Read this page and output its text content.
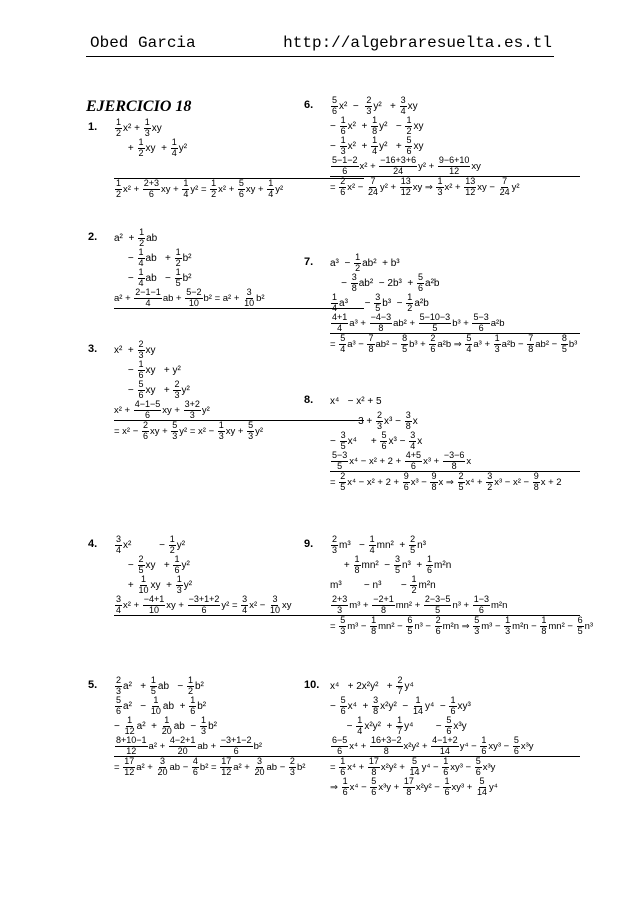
Obed Garcia	http://algebraresuelta.es.tl
EJERCICIO 18
1. $\frac{1}{2} x^2 + \frac{1}{3}$ xy
+ $\frac{1}{2}$ xy  + $\frac{1}{4} y^2$
$\frac{1}{2} x^2 + \frac{2+3}{6}$ xy + $\frac{1}{4} y^2 = \frac{1}{2} x^2 + \frac{5}{6}$ xy + $\frac{1}{4} y^2$
2. $a^2 + \frac{1}{2}$ ab
− $\frac{1}{4}$ ab   + $\frac{1}{2} b^2$
− $\frac{1}{4}$ ab   − $\frac{1}{5} b^2$
$a^2 + \frac{2-1-1}{4}$ ab + $\frac{5-2}{10} b^2 = a^2 + \frac{3}{10} b^2$
3. $x^2 + \frac{2}{3}$ xy
− $\frac{1}{6}$ xy   + y²
− $\frac{5}{6}$ xy   + $\frac{2}{3} y^2$
$x^2 + \frac{4-1-5}{6}$ xy + $\frac{3+2}{3} y^2$
= $x^2 - \frac{2}{6}$ xy + $\frac{5}{3} y^2 = x^2 - \frac{1}{3}$ xy + $\frac{5}{3} y^2$
4. $\frac{3}{4} x^2$          − $\frac{1}{2} y^2$
− $\frac{2}{5}$ xy   + $\frac{1}{6} y^2$
+ $\frac{1}{10}$ xy  + $\frac{1}{3} y^2$
$\frac{3}{4} x^2 + \frac{-4+1}{10}$ xy + $\frac{-3+1+2}{6} y^2 = \frac{3}{4} x^2 - \frac{3}{10}$ xy
5. $\frac{2}{3} a^2 + \frac{1}{5}$ ab   − $\frac{1}{2} b^2$
$\frac{5}{6} a^2 - \frac{1}{10}$ ab  + $\frac{1}{6} b^2$
− $\frac{1}{12} a^2 + \frac{1}{20}$ ab  − $\frac{1}{3} b^2$
$\frac{8+10-1}{12} a^2 + \frac{4-2+1}{20}$ ab + $\frac{-3+1-2}{6} b^2$
= $\frac{17}{12} a^2 + \frac{3}{20}$ ab − $\frac{4}{6} b^2 = \frac{17}{12} a^2 + \frac{3}{20}$ ab − $\frac{2}{3} b^2$
6. $\frac{5}{6} x^2 - \frac{2}{3} y^2 + \frac{3}{4}$ xy
− $\frac{1}{6} x^2 + \frac{1}{8} y^2 - \frac{1}{2}$ xy
− $\frac{1}{3} x^2 + \frac{1}{4} y^2 + \frac{5}{6}$ xy
$\frac{5-1-2}{6} x^2 + \frac{-16+3+6}{24} y^2 + \frac{9-6+10}{12}$ xy
= $\frac{2}{6} x^2 - \frac{7}{24} y^2 + \frac{13}{12}$ xy ⇒ $\frac{1}{3} x^2 + \frac{13}{12}$ xy − $\frac{7}{24} y^2$
7. $a^3 - \frac{1}{2} ab^2 + b^3$
− $\frac{3}{8} ab^2 - 2b^3 + \frac{5}{6} a^2b$
$\frac{1}{4} a^3$      − $\frac{3}{5} b^3 - \frac{1}{2} a^2b$
$\frac{4+1}{4} a^3 + \frac{-4-3}{8} ab^2 + \frac{5-10-3}{5} b^3 + \frac{5-3}{6} a^2b$
= $\frac{5}{4} a^3 - \frac{7}{8} ab^2 - \frac{8}{5} b^3 + \frac{2}{6} a^2b$ ⇒ $\frac{5}{4} a^3 + \frac{1}{3} a^2b - \frac{7}{8} ab^2 - \frac{8}{5} b^3$
8. x⁴   − x² + 5
− $3 + \frac{2}{3} x^3 - \frac{3}{8}$ x
− $\frac{3}{5} x^4$     + $\frac{5}{6} x^3 - \frac{3}{4}$ x
$\frac{5-3}{5} x^4 - x^2 + 2 + \frac{4+5}{6} x^3 + \frac{-3-6}{8}$ x
= $\frac{2}{5} x^4 - x^2 + 2 + \frac{9}{6} x^3 - \frac{9}{8}$ x ⇒ $\frac{2}{5} x^4 + \frac{3}{2} x^3 - x^2 - \frac{9}{8}$ x + 2
9. $\frac{2}{3} m^3 - \frac{1}{4} mn^2 + \frac{2}{5} n^3$
+ $\frac{1}{8} mn^2 - \frac{3}{5} n^3 + \frac{1}{6} m^2n$
m³        − n³       − $\frac{1}{2} m^2n$
$\frac{2+3}{3} m^3 + \frac{-2+1}{8} mn^2 + \frac{2-3-5}{5} n^3 + \frac{1-3}{6} m^2n$
= $\frac{5}{3} m^3 - \frac{1}{8} mn^2 - \frac{6}{5} n^3 - \frac{2}{6} m^2n$ ⇒ $\frac{5}{3} m^3 - \frac{1}{3} m^2n - \frac{1}{8} mn^2 - \frac{6}{5} n^3$
10. $x^4 + 2x^2y^2 + \frac{2}{7} y^4$
− $\frac{5}{6} x^4 + \frac{3}{8} x^2y^2 - \frac{1}{14} y^4 - \frac{1}{6} xy^3$
− $\frac{1}{4} x^2y^2 + \frac{1}{7} y^4$        − $\frac{5}{6} x^3y$
$\frac{6-5}{6} x^4 + \frac{16+3-2}{8} x^2y^2 + \frac{4-1+2}{14} y^4 - \frac{1}{6} xy^3 - \frac{5}{6} x^3y$
= $\frac{1}{6} x^4 + \frac{17}{8} x^2y^2 + \frac{5}{14} y^4 - \frac{1}{6} xy^3 - \frac{5}{6} x^3y$
⇒ $\frac{1}{6} x^4 - \frac{5}{6} x^3y + \frac{17}{8} x^2y^2 - \frac{1}{6} xy^3 + \frac{5}{14} y^4$
